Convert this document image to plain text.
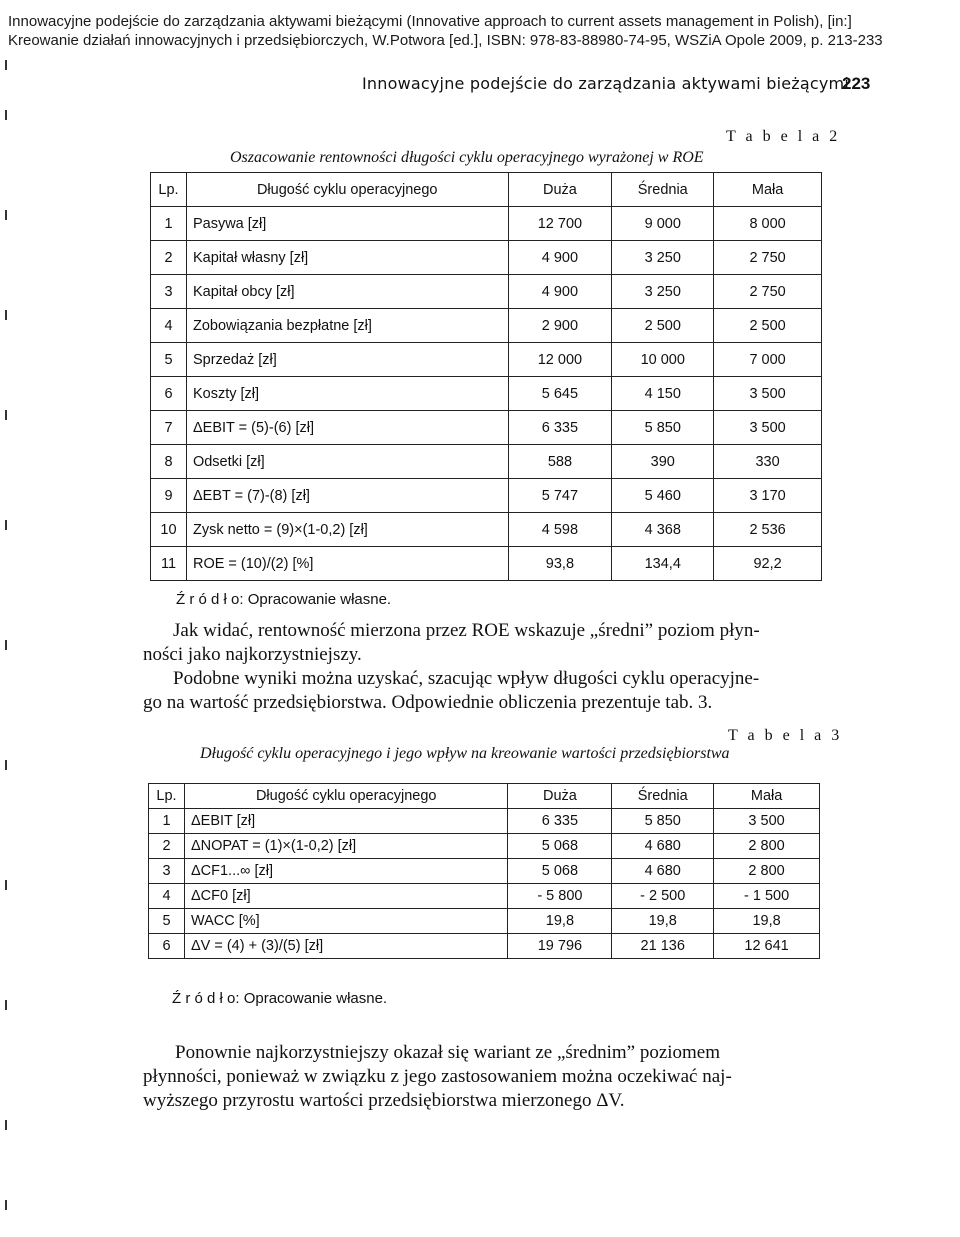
Innowacyjne podejście do zarządzania aktywami bieżącymi (Innovative approach to current assets management in Polish), [in:]
Kreowanie działań innowacyjnych i przedsiębiorczych, W.Potwora [ed.], ISBN: 978-83-88980-74-95, WSZiA Opole 2009, p. 213-233
Innowacyjne podejście do zarządzania aktywami bieżącymi
223
T a b e l a 2
Oszacowanie rentowności długości cyklu operacyjnego wyrażonej w ROE
Lp.	Długość cyklu operacyjnego	Duża	Średnia	Mała
1	Pasywa [zł]	12 700	9 000	8 000
2	Kapitał własny [zł]	4 900	3 250	2 750
3	Kapitał obcy [zł]	4 900	3 250	2 750
4	Zobowiązania bezpłatne [zł]	2 900	2 500	2 500
5	Sprzedaż [zł]	12 000	10 000	7 000
6	Koszty [zł]	5 645	4 150	3 500
7	ΔEBIT = (5)-(6) [zł]	6 335	5 850	3 500
8	Odsetki [zł]	588	390	330
9	ΔEBT = (7)-(8) [zł]	5 747	5 460	3 170
10	Zysk netto = (9)×(1-0,2) [zł]	4 598	4 368	2 536
11	ROE = (10)/(2) [%]	93,8	134,4	92,2
Ź r ó d ł o: Opracowanie własne.
Jak widać, rentowność mierzona przez ROE wskazuje „średni” poziom płyn-
ności jako najkorzystniejszy.
Podobne wyniki można uzyskać, szacując wpływ długości cyklu operacyjne-
go na wartość przedsiębiorstwa. Odpowiednie obliczenia prezentuje tab. 3.
T a b e l a 3
Długość cyklu operacyjnego i jego wpływ na kreowanie wartości przedsiębiorstwa
Lp.	Długość cyklu operacyjnego	Duża	Średnia	Mała
1	ΔEBIT [zł]	6 335	5 850	3 500
2	ΔNOPAT = (1)×(1-0,2) [zł]	5 068	4 680	2 800
3	ΔCF1...∞ [zł]	5 068	4 680	2 800
4	ΔCF0 [zł]	- 5 800	- 2 500	- 1 500
5	WACC [%]	19,8	19,8	19,8
6	ΔV = (4) + (3)/(5) [zł]	19 796	21 136	12 641
Ź r ó d ł o: Opracowanie własne.
Ponownie najkorzystniejszy okazał się wariant ze „średnim” poziomem
płynności, ponieważ w związku z jego zastosowaniem można oczekiwać naj-
wyższego przyrostu wartości przedsiębiorstwa mierzonego ΔV.
